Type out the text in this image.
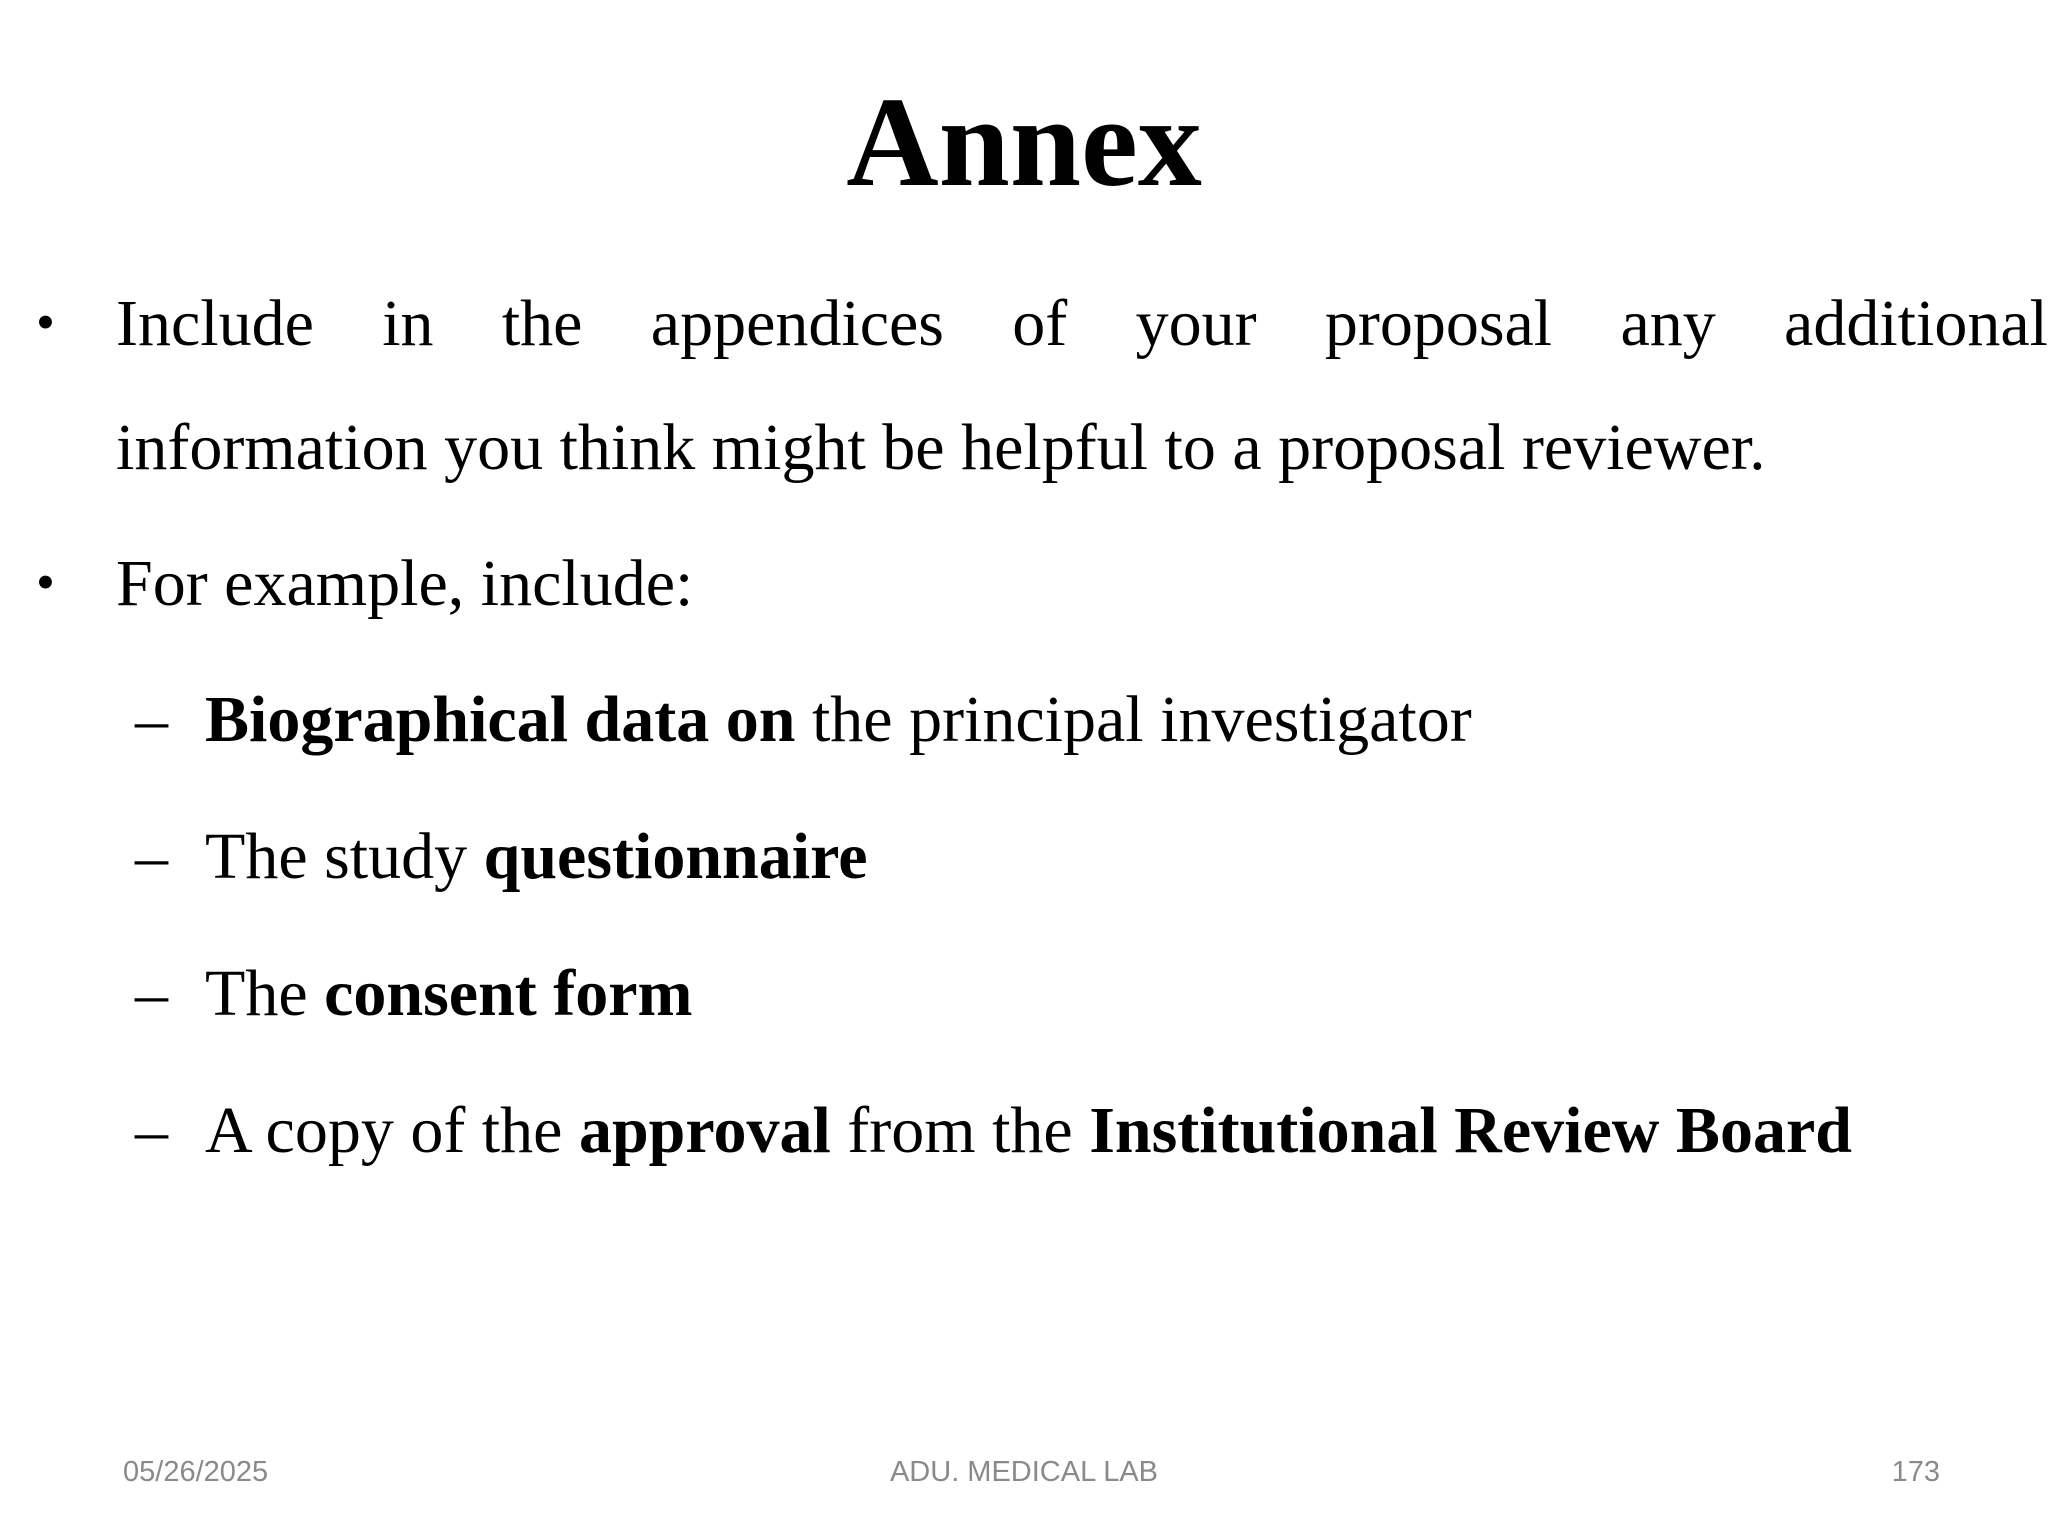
Annex
• Include in the appendices of your proposal any additional
information you think might be helpful to a proposal reviewer.
• For example, include:
– Biographical data on the principal investigator
– The study questionnaire
– The consent form
– A copy of the approval from the Institutional Review Board
05/26/2025	ADU. MEDICAL LAB	173
